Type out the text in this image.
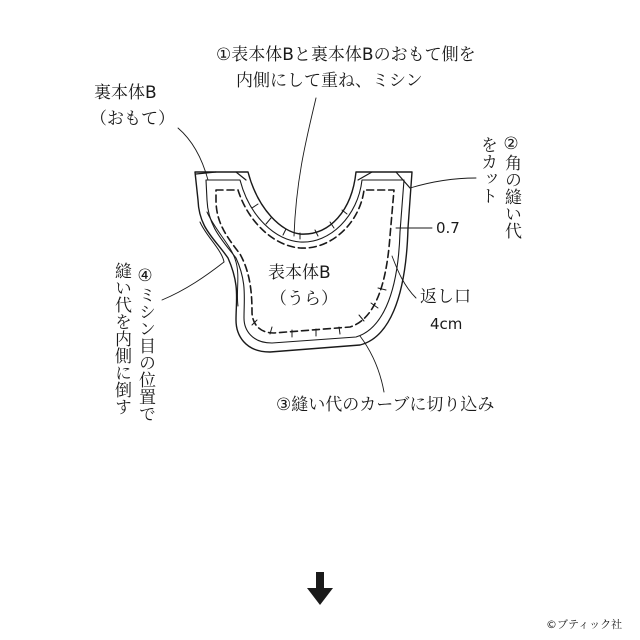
①表本体Bと裏本体Bのおもて側を
内側にして重ね、ミシン
裏本体B
（おもて）
②角の縫い代
をカット
0.7
表本体B
（うら）	返し口
4cm
③縫い代のカーブに切り込み
④ミシン目の位置で
縫い代を内側に倒す
©ブティック社
